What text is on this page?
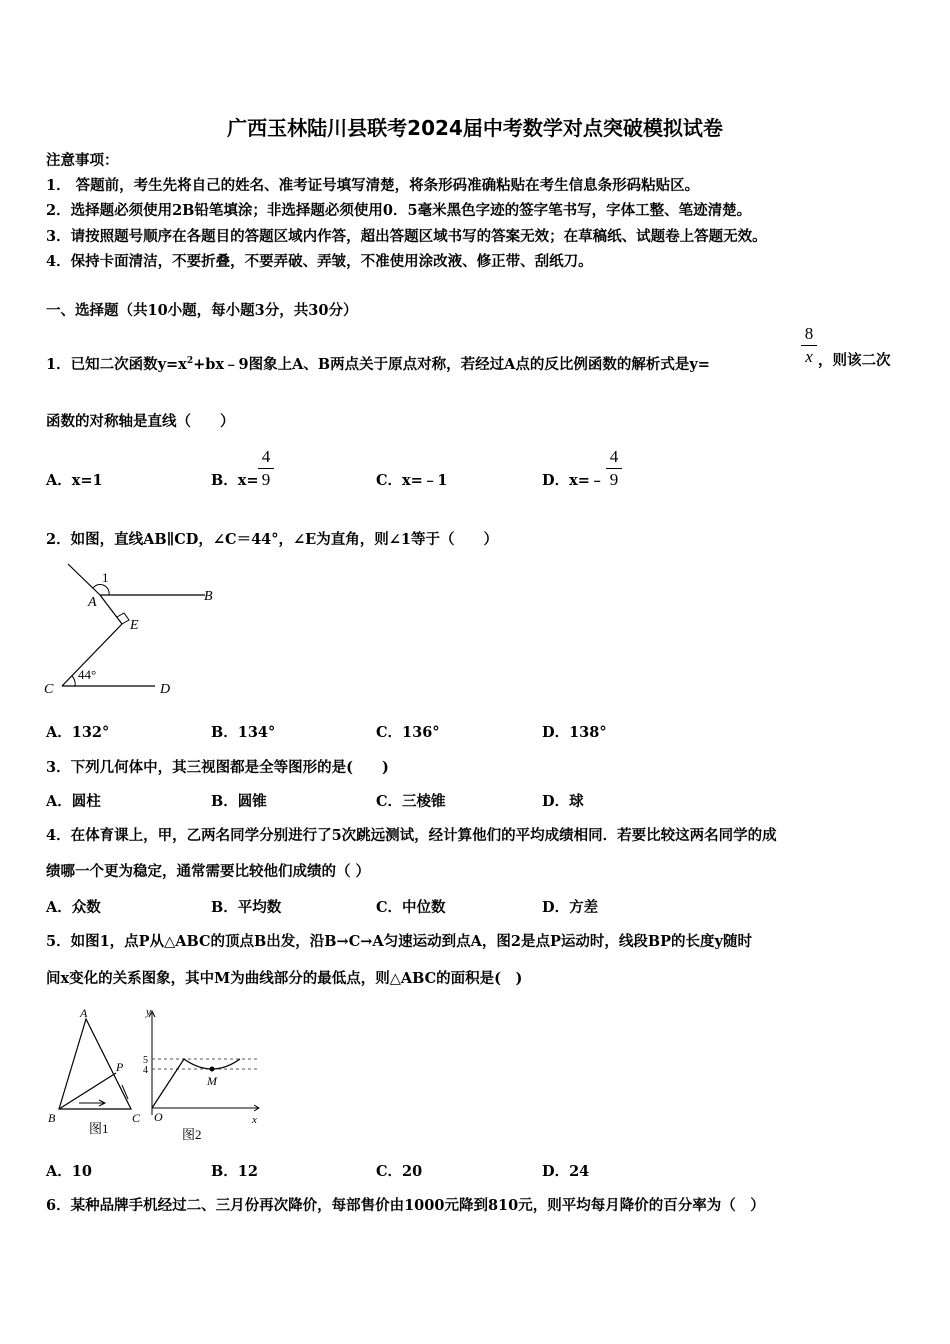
广西玉林陆川县联考2024届中考数学对点突破模拟试卷
注意事项：
1． 答题前，考生先将自己的姓名、准考证号填写清楚，将条形码准确粘贴在考生信息条形码粘贴区。
2．选择题必须使用2B铅笔填涂；非选择题必须使用0．5毫米黑色字迹的签字笔书写，字体工整、笔迹清楚。
3．请按照题号顺序在各题目的答题区域内作答，超出答题区域书写的答案无效；在草稿纸、试题卷上答题无效。
4．保持卡面清洁，不要折叠，不要弄破、弄皱，不准使用涂改液、修正带、刮纸刀。
一、选择题（共10小题，每小题3分，共30分）
1．已知二次函数$y=x^2+bx﹣9$图象上A、B两点关于原点对称，若经过A点的反比例函数的解析式是y=
8
x ，则该二次
函数的对称轴是直线（　　）
A．x=1	B．x=
4
9	C．x=﹣1	D．x=﹣
4
9
2．如图，直线AB∥CD，∠C＝44°，∠E为直角，则∠1等于（　　）
1
A	B
E
C	D
44°
A．132°	B．134°	C．136°	D．138°
3．下列几何体中，其三视图都是全等图形的是(　　)
A．圆柱	B．圆锥	C．三棱锥	D．球
4．在体育课上，甲，乙两名同学分别进行了5次跳远测试，经计算他们的平均成绩相同．若要比较这两名同学的成
绩哪一个更为稳定，通常需要比较他们成绩的（ ）
A．众数	B．平均数	C．中位数	D．方差
5．如图1，点P从△ABC的顶点B出发，沿B→C→A匀速运动到点A，图2是点P运动时，线段BP的长度y随时
间x变化的关系图象，其中M为曲线部分的最低点，则△ABC的面积是(　)
A
B	C
P
图1
y
x
O
M
5
4
图2
A．10	B．12	C．20	D．24
6．某种品牌手机经过二、三月份再次降价，每部售价由1000元降到810元，则平均每月降价的百分率为（　）
